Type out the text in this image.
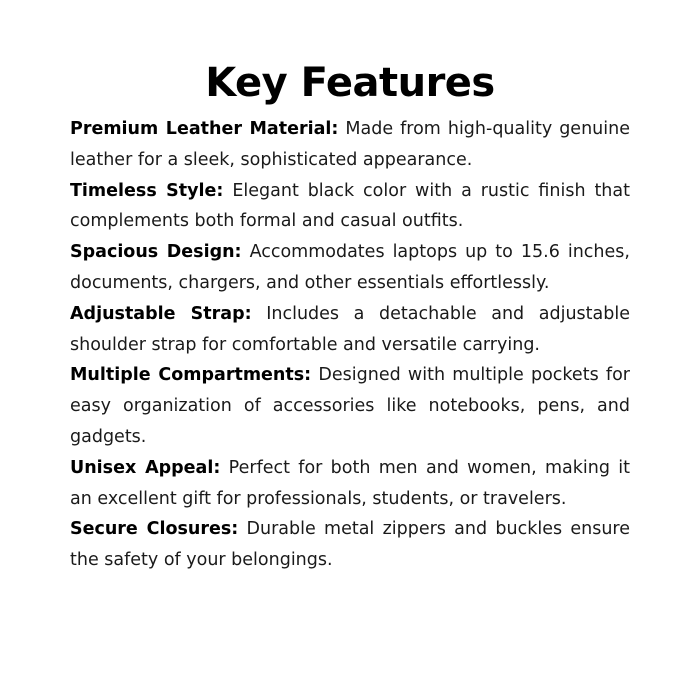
Key Features
Premium Leather Material: Made from high-quality genuine leather for a sleek, sophisticated appearance.
Timeless Style: Elegant black color with a rustic finish that complements both formal and casual outfits.
Spacious Design: Accommodates laptops up to 15.6 inches, documents, chargers, and other essentials effortlessly.
Adjustable Strap: Includes a detachable and adjustable shoulder strap for comfortable and versatile carrying.
Multiple Compartments: Designed with multiple pockets for easy organization of accessories like notebooks, pens, and gadgets.
Unisex Appeal: Perfect for both men and women, making it an excellent gift for professionals, students, or travelers.
Secure Closures: Durable metal zippers and buckles ensure the safety of your belongings.
